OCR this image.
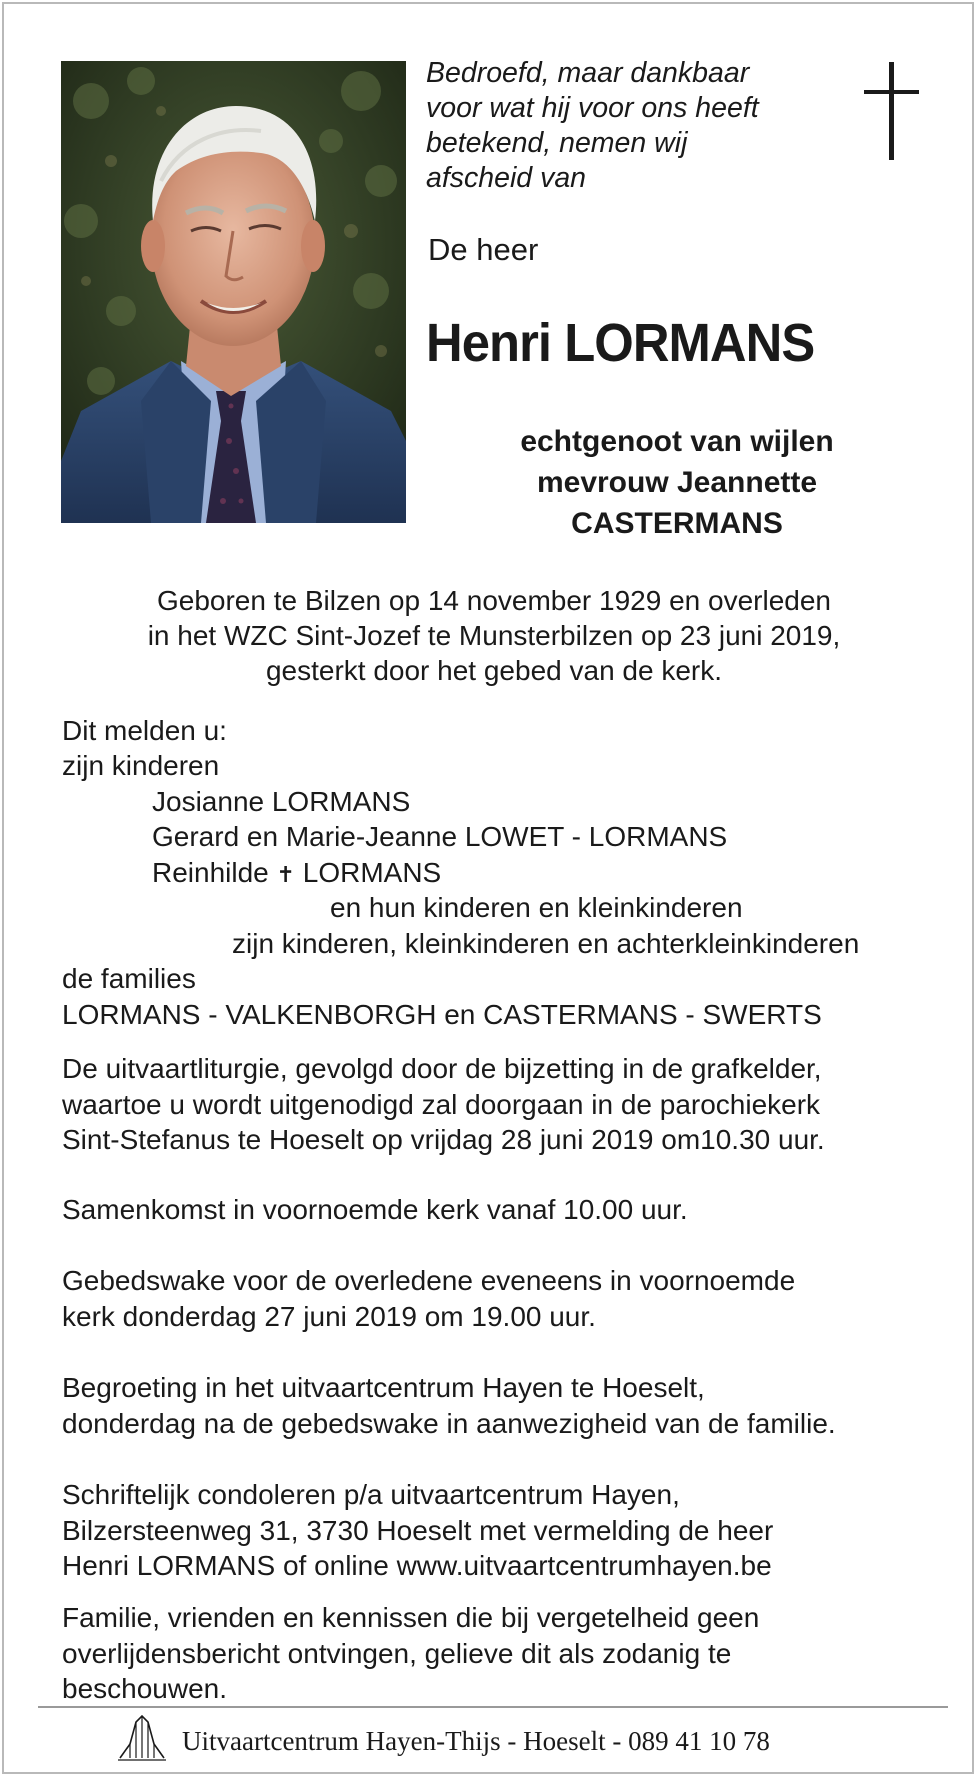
Bedroefd, maar dankbaar
voor wat hij voor ons heeft
betekend, nemen wij
afscheid van

De heer

Henri LORMANS

echtgenoot van wijlen
mevrouw Jeannette
CASTERMANS
Geboren te Bilzen op 14 november 1929 en overleden
in het WZC Sint-Jozef te Munsterbilzen op 23 juni 2019,
gesterkt door het gebed van de kerk.

Dit melden u:

zijn kinderen

Josianne LORMANS

Gerard en Marie-Jeanne LOWET - LORMANS

Reinhilde ✝ LORMANS

en hun kinderen en kleinkinderen

zijn kinderen, kleinkinderen en achterkleinkinderen

de families

LORMANS - VALKENBORGH en CASTERMANS - SWERTS

De uitvaartliturgie, gevolgd door de bijzetting in de grafkelder,
waartoe u wordt uitgenodigd zal doorgaan in de parochiekerk
Sint-Stefanus te Hoeselt op vrijdag 28 juni 2019 om10.30 uur.
Samenkomst in voornoemde kerk vanaf 10.00 uur.
Gebedswake voor de overledene eveneens in voornoemde
kerk donderdag 27 juni 2019 om 19.00 uur.
Begroeting in het uitvaartcentrum Hayen te Hoeselt,
donderdag na de gebedswake in aanwezigheid van de familie.
Schriftelijk condoleren p/a uitvaartcentrum Hayen,
Bilzersteenweg 31, 3730 Hoeselt met vermelding de heer
Henri LORMANS of online www.uitvaartcentrumhayen.be
Familie, vrienden en kennissen die bij vergetelheid geen
overlijdensbericht ontvingen, gelieve dit als zodanig te
beschouwen.
Uitvaartcentrum Hayen-Thijs - Hoeselt - 089 41 10 78
